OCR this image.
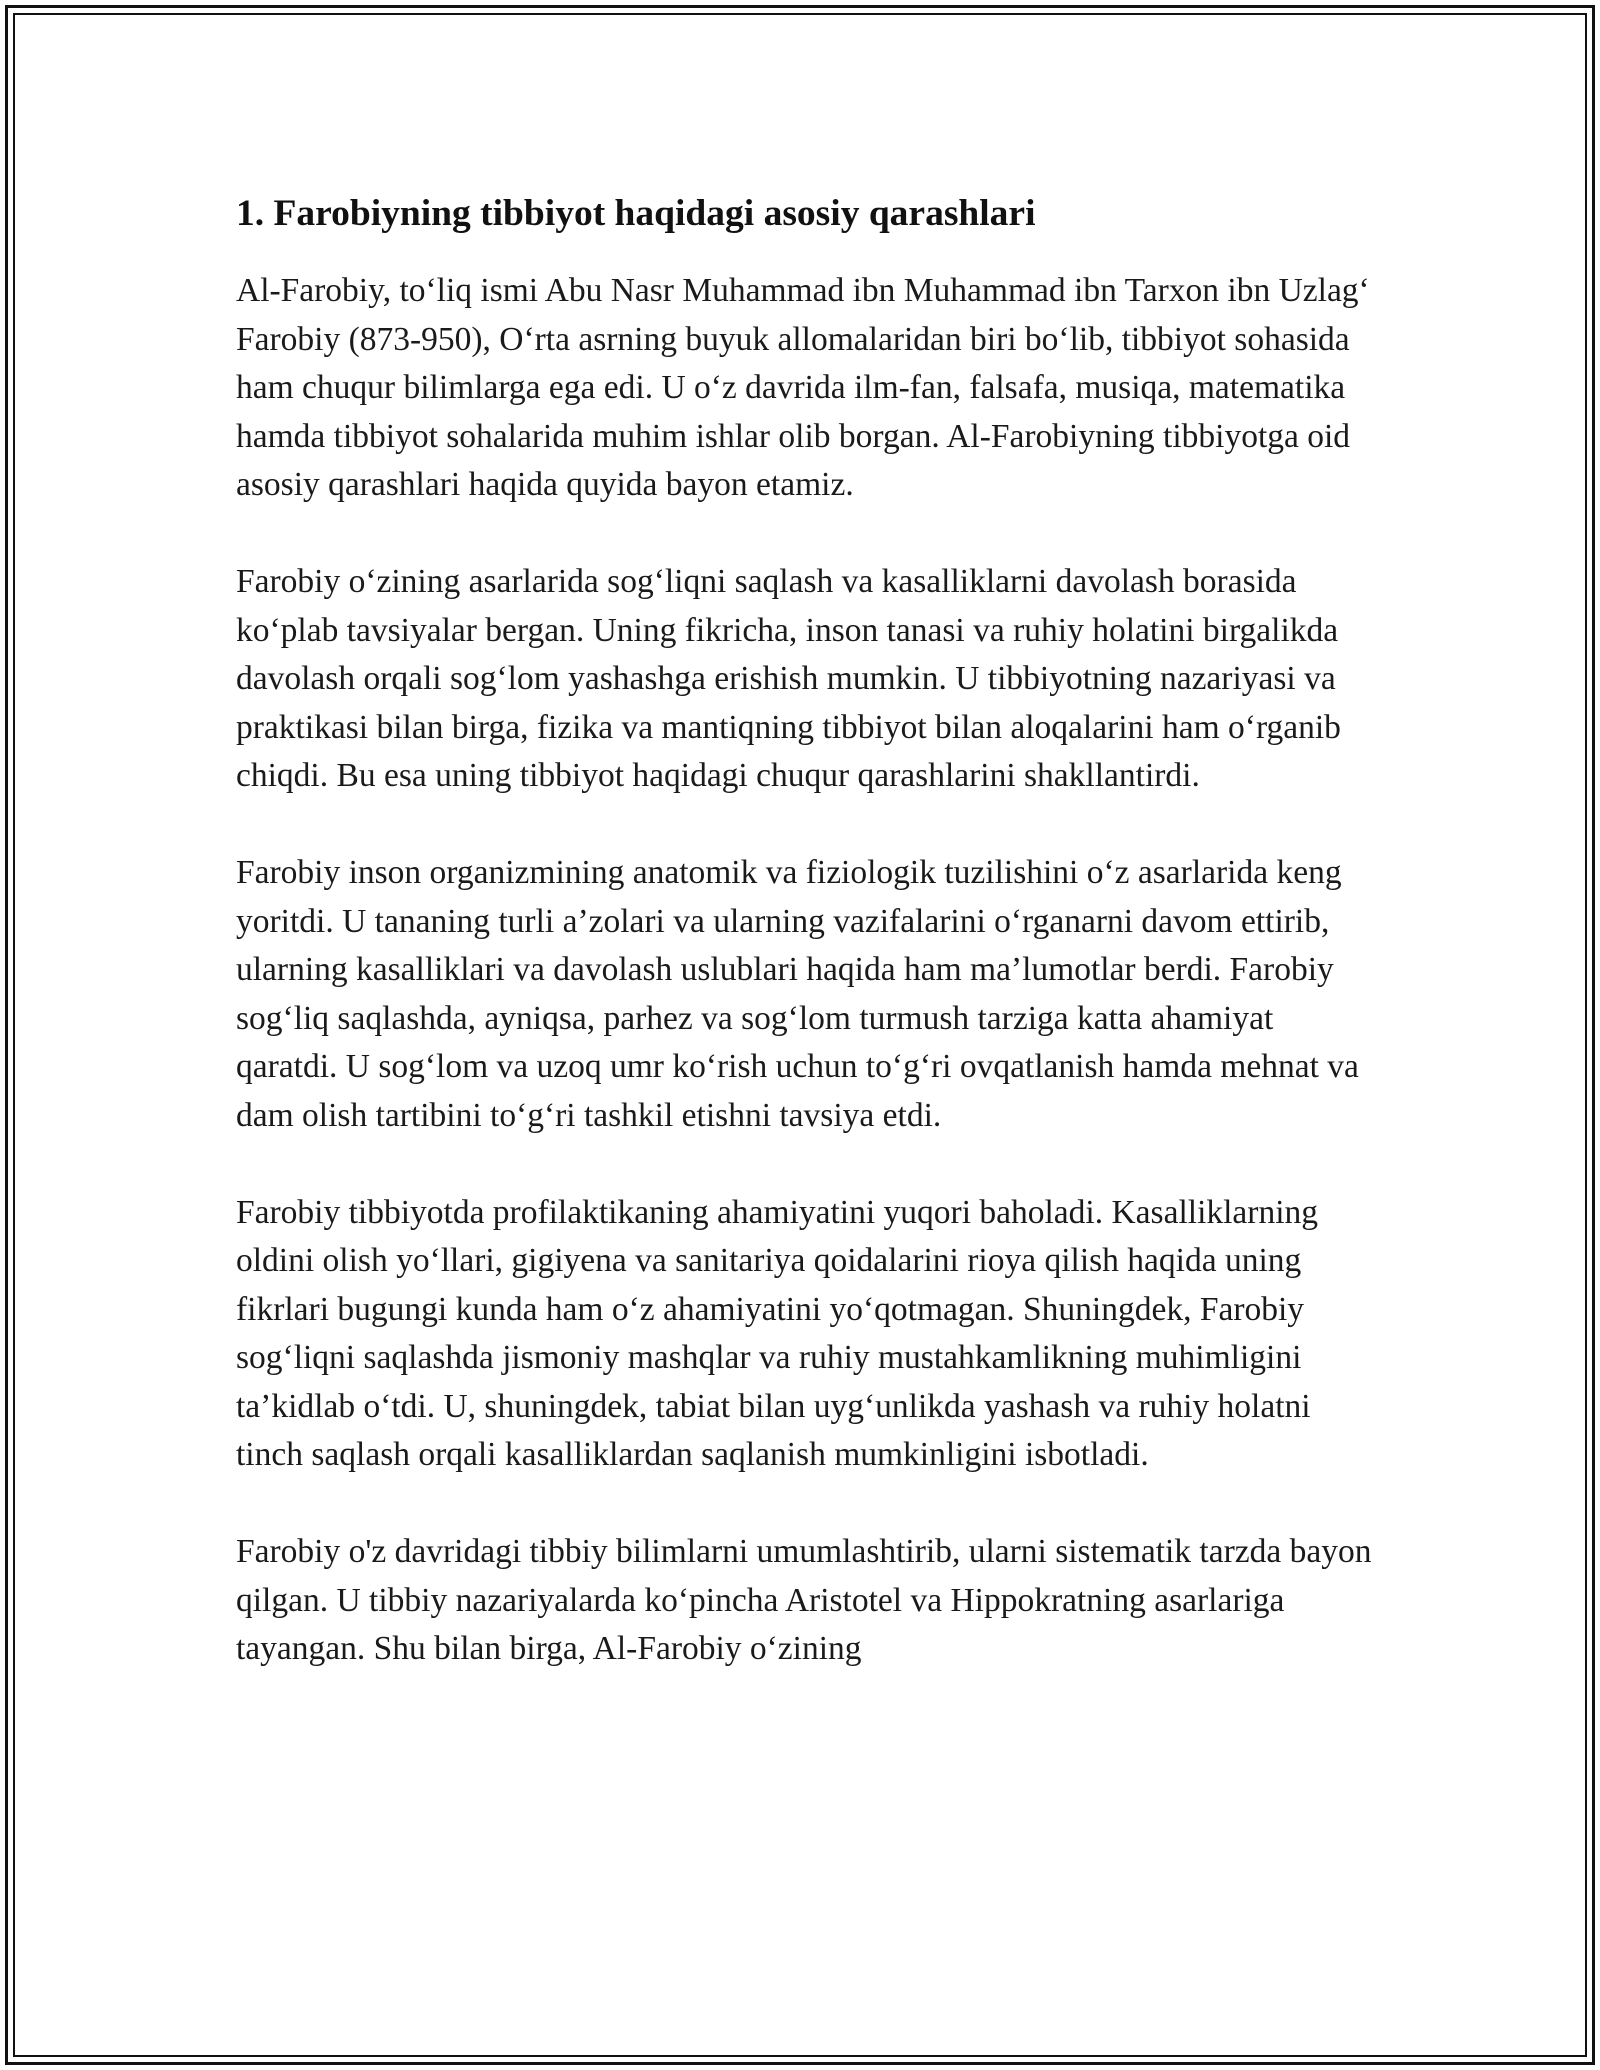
1. Farobiyning tibbiyot haqidagi asosiy qarashlari

Al-Farobiy, to‘liq ismi Abu Nasr Muhammad ibn Muhammad ibn Tarxon ibn Uzlag‘ Farobiy (873-950), O‘rta asrning buyuk allomalaridan biri bo‘lib, tibbiyot sohasida ham chuqur bilimlarga ega edi. U o‘z davrida ilm-fan, falsafa, musiqa, matematika hamda tibbiyot sohalarida muhim ishlar olib borgan. Al-Farobiyning tibbiyotga oid asosiy qarashlari haqida quyida bayon etamiz.

Farobiy o‘zining asarlarida sog‘liqni saqlash va kasalliklarni davolash borasida ko‘plab tavsiyalar bergan. Uning fikricha, inson tanasi va ruhiy holatini birgalikda davolash orqali sog‘lom yashashga erishish mumkin. U tibbiyotning nazariyasi va praktikasi bilan birga, fizika va mantiqning tibbiyot bilan aloqalarini ham o‘rganib chiqdi. Bu esa uning tibbiyot haqidagi chuqur qarashlarini shakllantirdi.

Farobiy inson organizmining anatomik va fiziologik tuzilishini o‘z asarlarida keng yoritdi. U tananing turli a’zolari va ularning vazifalarini o‘rganarni davom ettirib, ularning kasalliklari va davolash uslublari haqida ham ma’lumotlar berdi. Farobiy sog‘liq saqlashda, ayniqsa, parhez va sog‘lom turmush tarziga katta ahamiyat qaratdi. U sog‘lom va uzoq umr ko‘rish uchun to‘g‘ri ovqatlanish hamda mehnat va dam olish tartibini to‘g‘ri tashkil etishni tavsiya etdi.

Farobiy tibbiyotda profilaktikaning ahamiyatini yuqori baholadi. Kasalliklarning oldini olish yo‘llari, gigiyena va sanitariya qoidalarini rioya qilish haqida uning fikrlari bugungi kunda ham o‘z ahamiyatini yo‘qotmagan. Shuningdek, Farobiy sog‘liqni saqlashda jismoniy mashqlar va ruhiy mustahkamlikning muhimligini ta’kidlab o‘tdi. U, shuningdek, tabiat bilan uyg‘unlikda yashash va ruhiy holatni tinch saqlash orqali kasalliklardan saqlanish mumkinligini isbotladi.

Farobiy o'z davridagi tibbiy bilimlarni umumlashtirib, ularni sistematik tarzda bayon qilgan. U tibbiy nazariyalarda ko‘pincha Aristotel va Hippokratning asarlariga tayangan. Shu bilan birga, Al-Farobiy o‘zining
